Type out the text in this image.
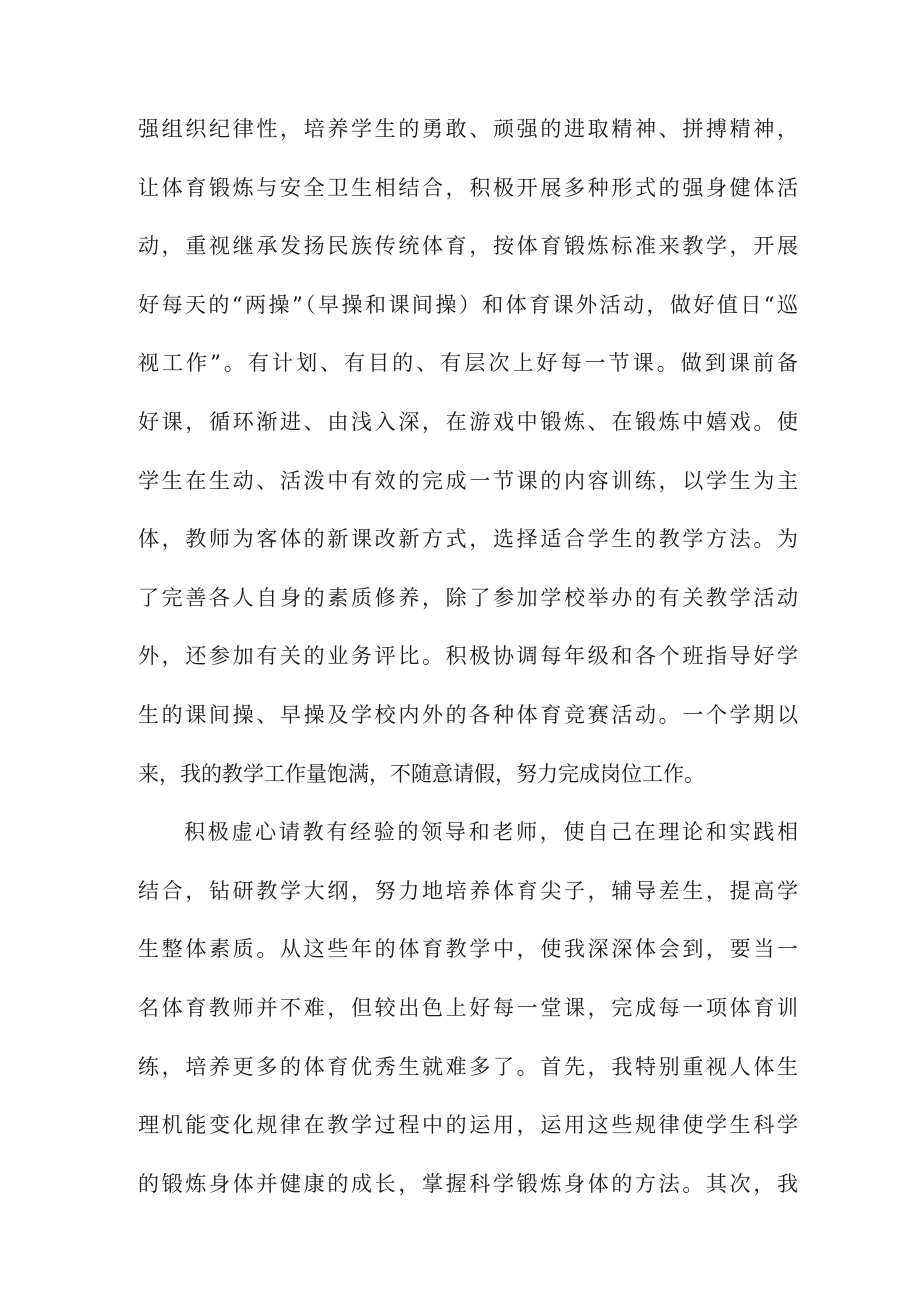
强组织纪律性，培养学生的勇敢、顽强的进取精神、拼搏精神，
让体育锻炼与安全卫生相结合，积极开展多种形式的强身健体活
动，重视继承发扬民族传统体育，按体育锻炼标准来教学，开展
好每天的“两操”（早操和课间操）和体育课外活动，做好值日“巡
视工作”。有计划、有目的、有层次上好每一节课。做到课前备
好课，循环渐进、由浅入深，在游戏中锻炼、在锻炼中嬉戏。使
学生在生动、活泼中有效的完成一节课的内容训练，以学生为主
体，教师为客体的新课改新方式，选择适合学生的教学方法。为
了完善各人自身的素质修养，除了参加学校举办的有关教学活动
外，还参加有关的业务评比。积极协调每年级和各个班指导好学
生的课间操、早操及学校内外的各种体育竞赛活动。一个学期以
来，我的教学工作量饱满，不随意请假，努力完成岗位工作。
积极虚心请教有经验的领导和老师，使自己在理论和实践相
结合，钻研教学大纲，努力地培养体育尖子，辅导差生，提高学
生整体素质。从这些年的体育教学中，使我深深体会到，要当一
名体育教师并不难，但较出色上好每一堂课，完成每一项体育训
练，培养更多的体育优秀生就难多了。首先，我特别重视人体生
理机能变化规律在教学过程中的运用，运用这些规律使学生科学
的锻炼身体并健康的成长，掌握科学锻炼身体的方法。其次，我
